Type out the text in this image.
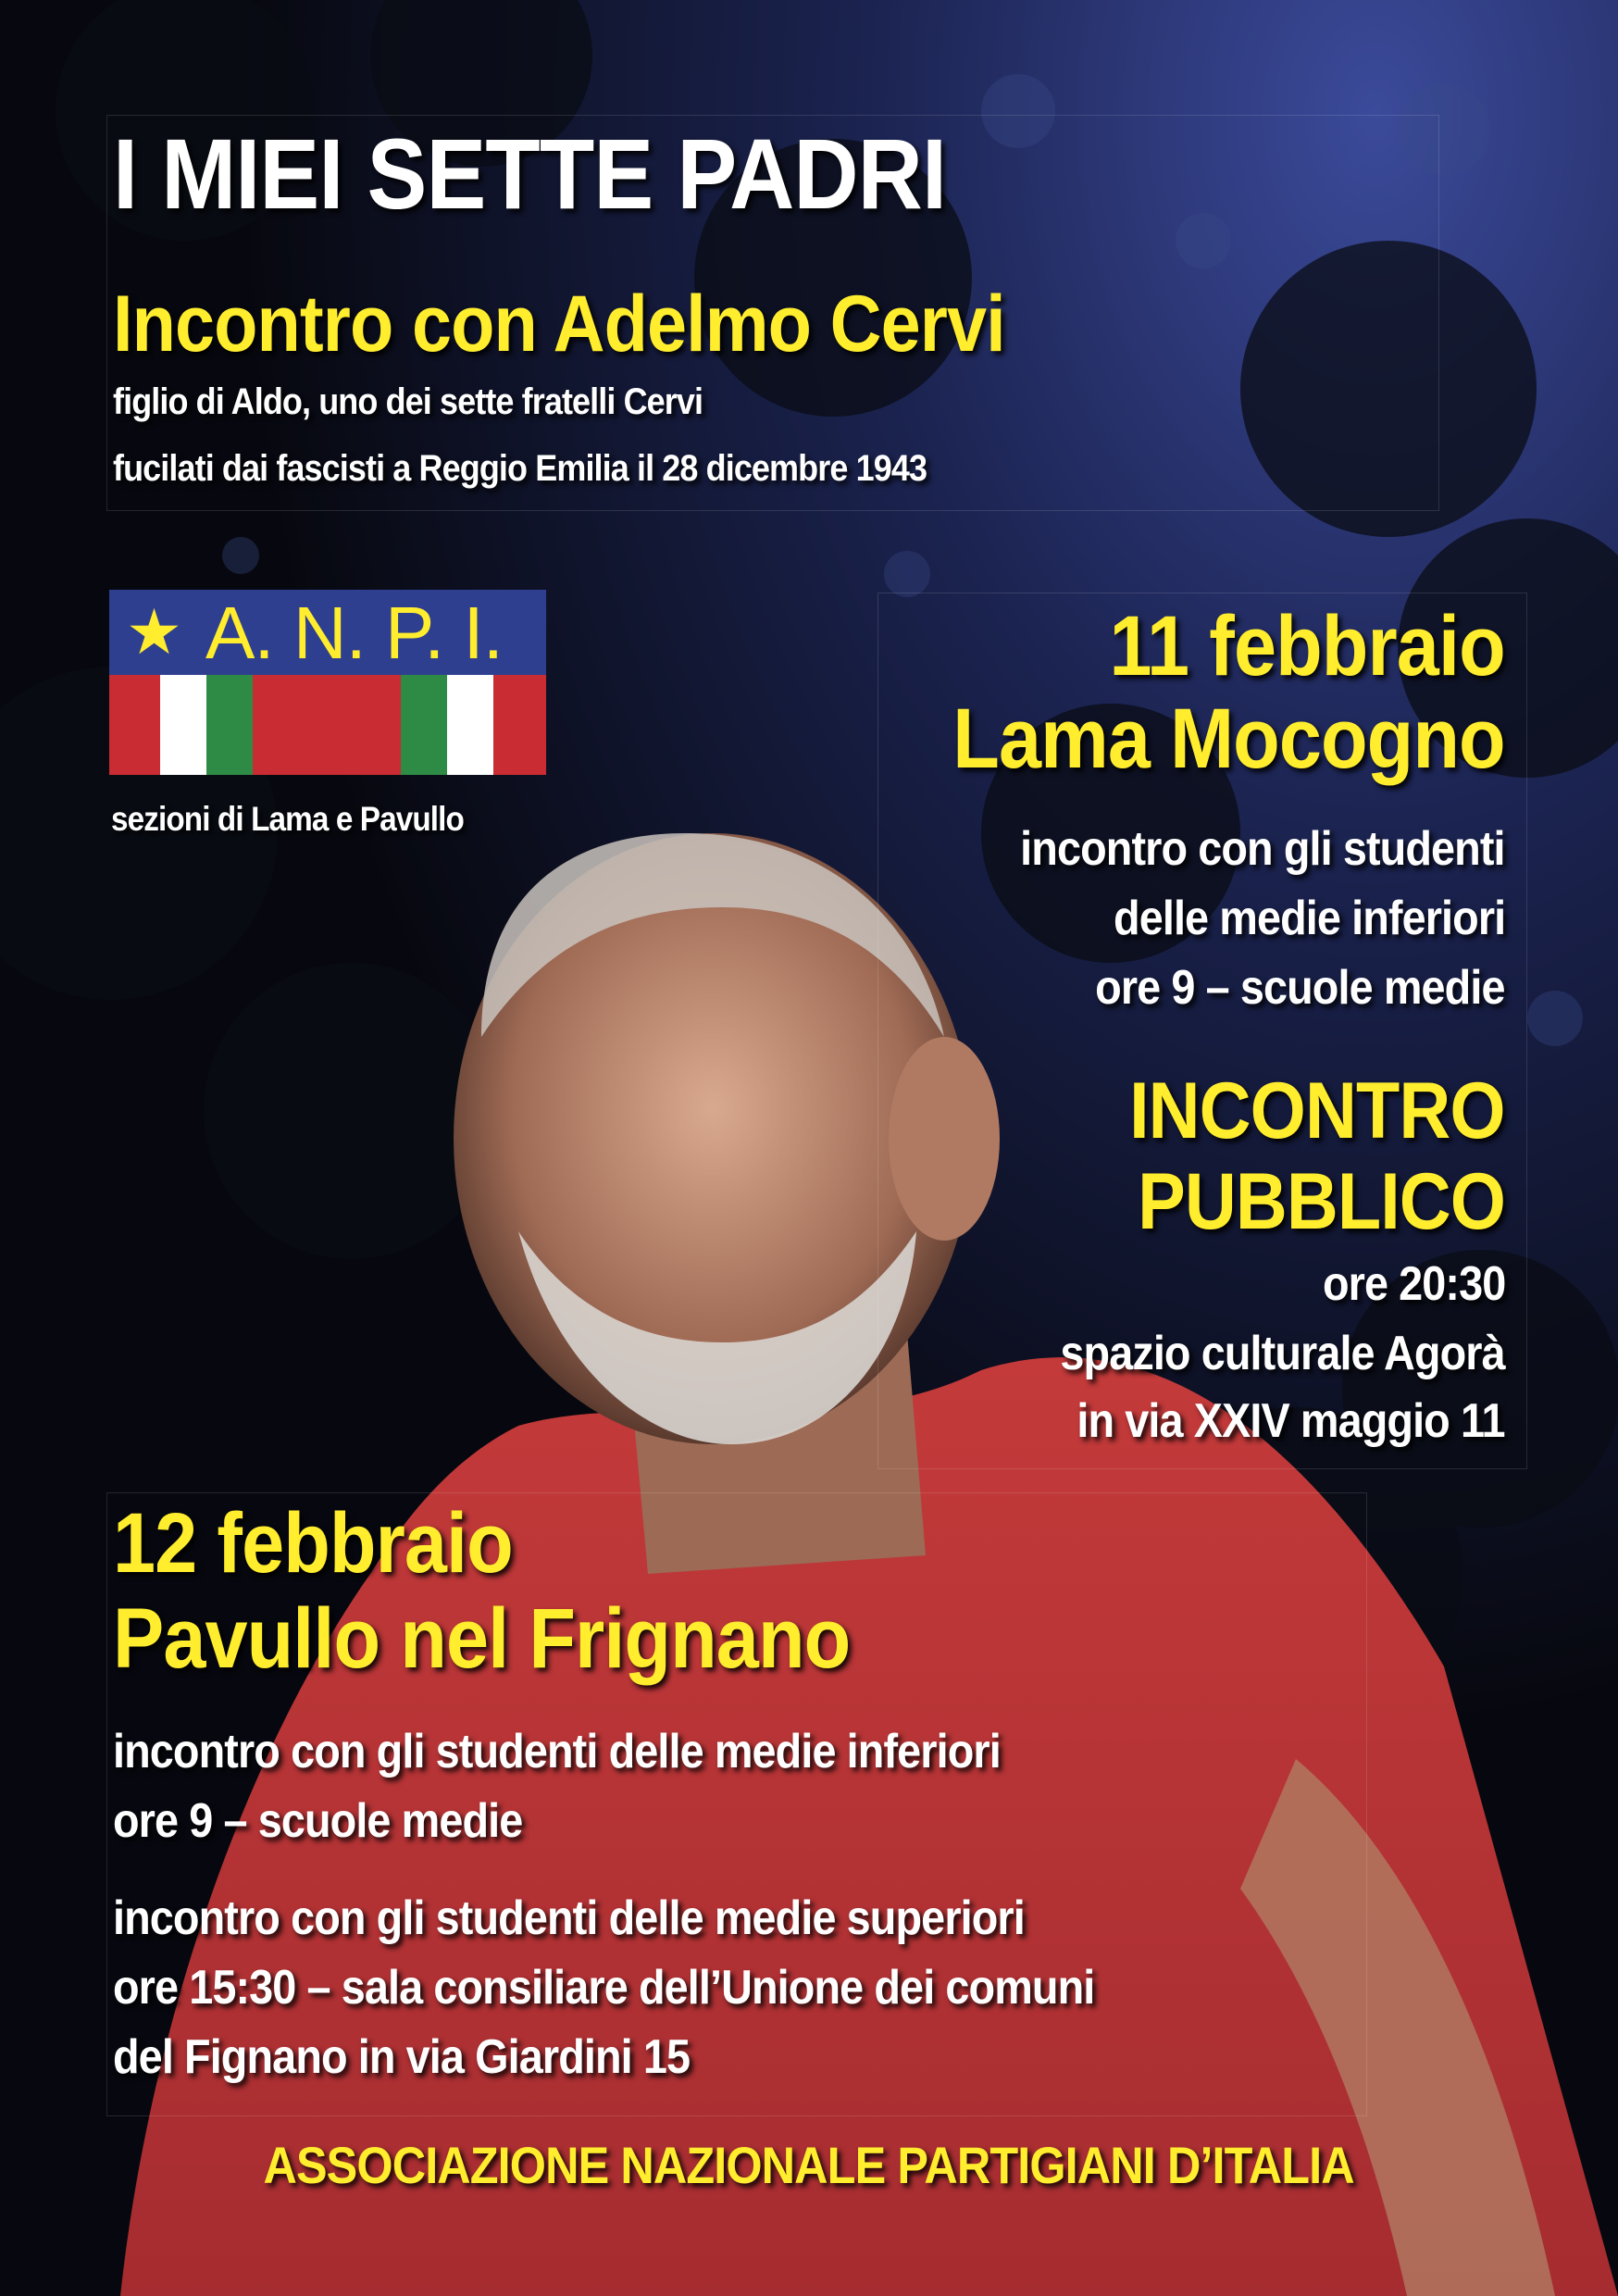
I MIEI SETTE PADRI
Incontro con Adelmo Cervi
figlio di Aldo, uno dei sette fratelli Cervi
fucilati dai fascisti a Reggio Emilia il 28 dicembre 1943
★ A. N. P. I.
sezioni di Lama e Pavullo
11 febbraio
Lama Mocogno
incontro con gli studenti
delle medie inferiori
ore 9 – scuole medie
INCONTRO
PUBBLICO
ore 20:30
spazio culturale Agorà
in via XXIV maggio 11
12 febbraio
Pavullo nel Frignano
incontro con gli studenti delle medie inferiori
ore 9 – scuole medie
incontro con gli studenti delle medie superiori
ore 15:30 – sala consiliare dell’Unione dei comuni
del Fignano in via Giardini 15
ASSOCIAZIONE NAZIONALE PARTIGIANI D’ITALIA
